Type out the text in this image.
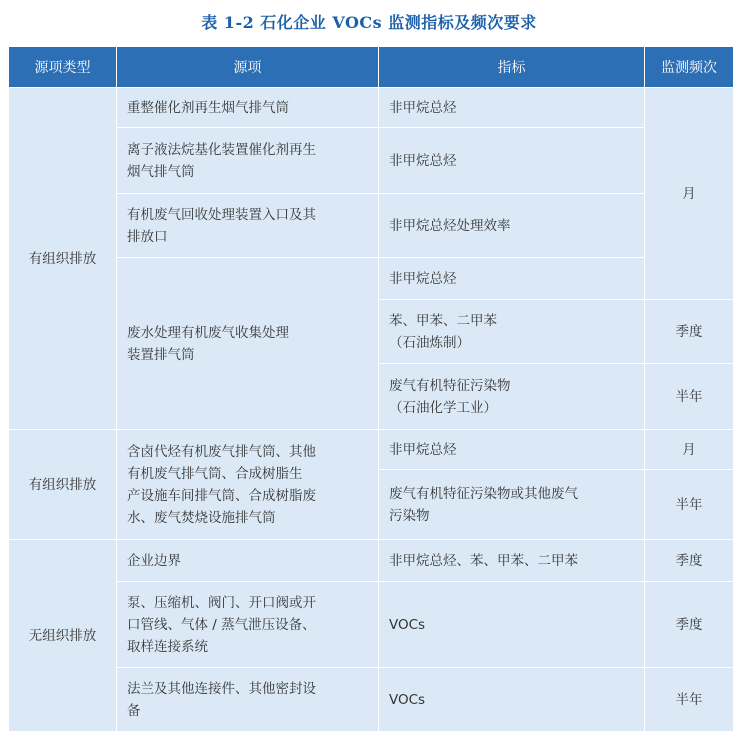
表 1-2 石化企业 VOCs 监测指标及频次要求
源项类型	源项	指标	监测频次

有组织排放	重整催化剂再生烟气排气筒	非甲烷总烃	月

	离子液法烷基化装置催化剂再生
烟气排气筒	非甲烷总烃	

	有机废气回收处理装置入口及其
排放口	非甲烷总烃处理效率	

	废水处理有机废气收集处理
装置排气筒	非甲烷总烃	

		苯、甲苯、二甲苯
（石油炼制）	季度

		废气有机特征污染物
（石油化学工业）	半年

有组织排放	含卤代烃有机废气排气筒、其他
有机废气排气筒、合成树脂生
产设施车间排气筒、合成树脂废
水、废气焚烧设施排气筒	非甲烷总烃	月

		废气有机特征污染物或其他废气
污染物	半年

无组织排放	企业边界	非甲烷总烃、苯、甲苯、二甲苯	季度

	泵、压缩机、阀门、开口阀或开
口管线、气体 / 蒸气泄压设备、
取样连接系统	VOCs	季度

	法兰及其他连接件、其他密封设
备	VOCs	半年
